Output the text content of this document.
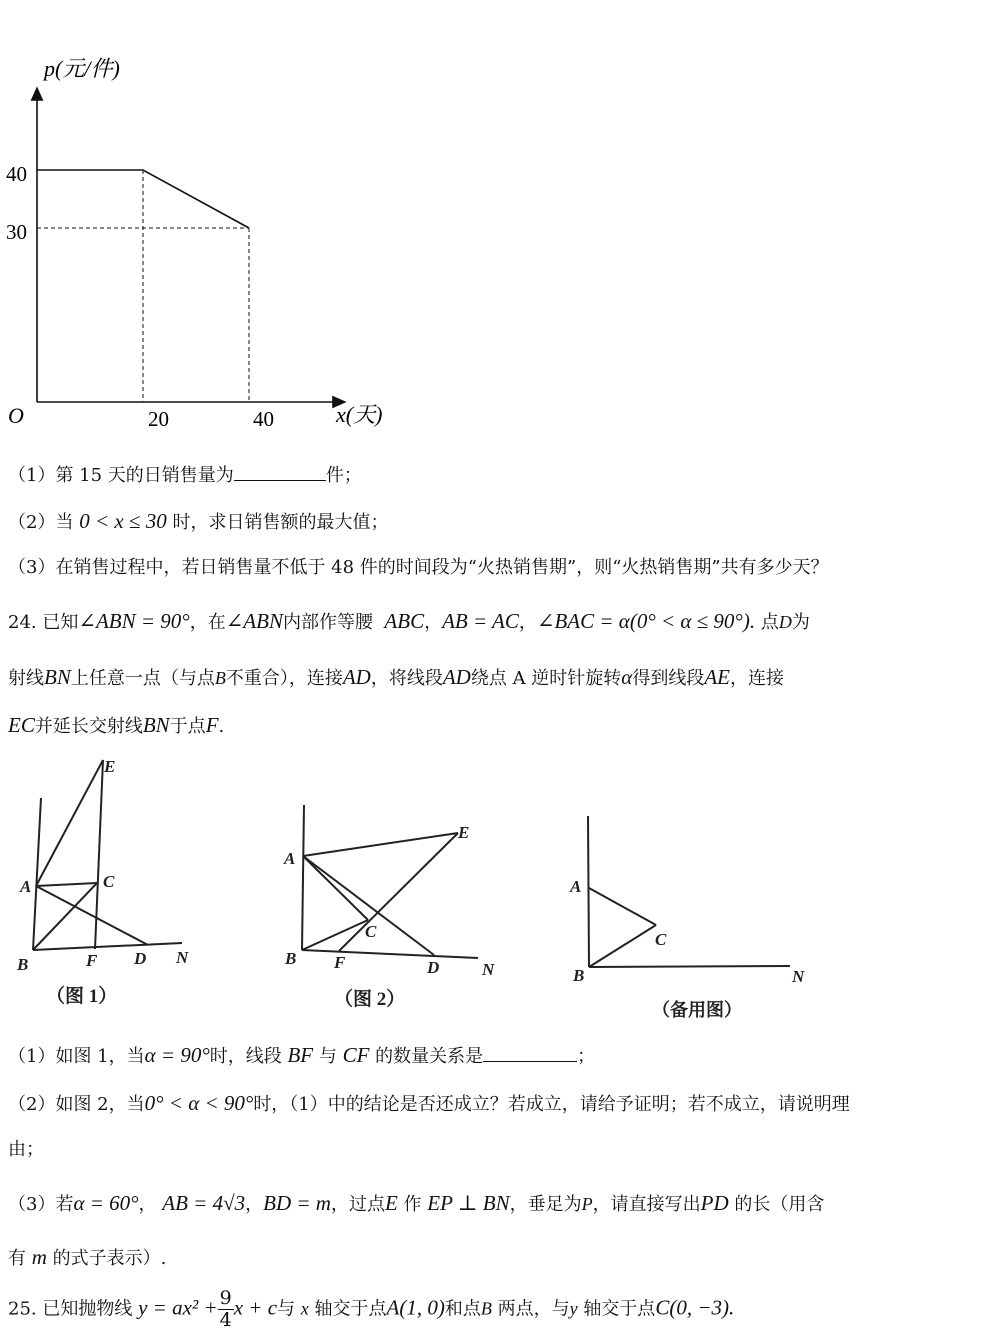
p(元/件)
x(天)
O
40
30
20	40
（1）第 15 天的日销售量为	件；
（2）当 0 < x ≤ 30 时，求日销售额的最大值；
（3）在销售过程中，若日销售量不低于 48 件的时间段为“火热销售期”，则“火热销售期”共有多少天？
24. 已知∠ABN = 90°，在∠ABN内部作等腰 ABC，AB = AC，∠BAC = α(0° < α ≤ 90°). 点D为
射线BN上任意一点（与点B不重合），连接AD，将线段AD绕点 A 逆时针旋转α得到线段AE，连接
EC并延长交射线BN于点F.
E
A	C
B	F D N
（图 1）
E
A
C
B F	D	N
（图 2）
A
C
B	N
（备用图）
（1）如图 1，当α = 90°时，线段 BF 与 CF 的数量关系是	；
（2）如图 2，当0° < α < 90°时，（1）中的结论是否还成立？若成立，请给予证明；若不成立，请说明理
由；
（3）若α = 60°， AB = 4√3，BD = m，过点E 作 EP ⊥ BN，垂足为P，请直接写出PD 的长（用含
有 m 的式子表示）.
25. 已知抛物线 $y = ax^2 + \frac{9}{4}$ x + c与 x 轴交于点A(1, 0)和点B 两点，与y 轴交于点C(0, −3).
